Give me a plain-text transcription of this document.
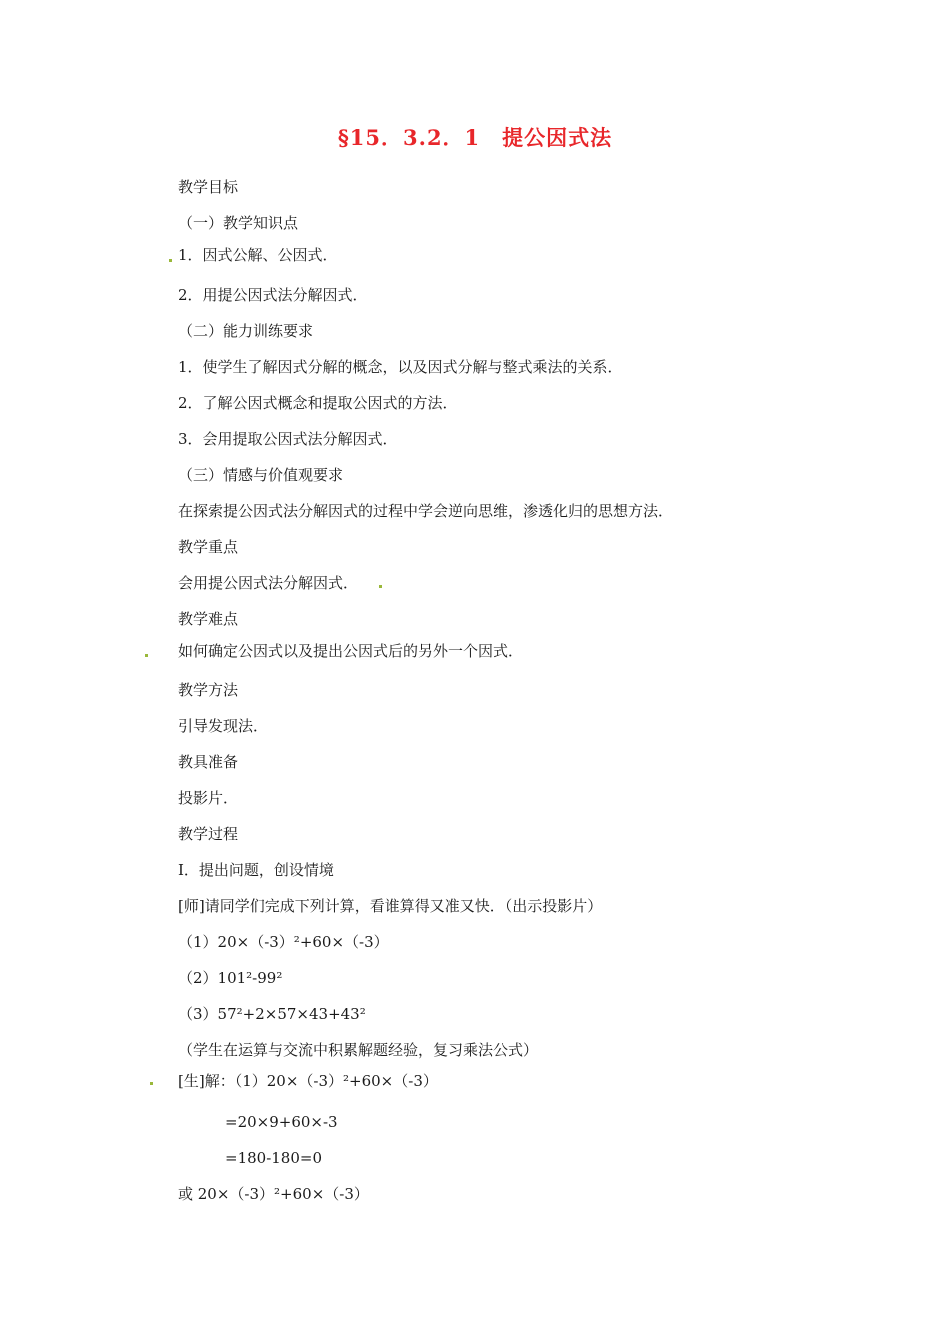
§15．3.2．1　提公因式法
教学目标
（一）教学知识点
1．因式公解、公因式．
2．用提公因式法分解因式．
（二）能力训练要求
1．使学生了解因式分解的概念，以及因式分解与整式乘法的关系．
2．了解公因式概念和提取公因式的方法．
3．会用提取公因式法分解因式．
（三）情感与价值观要求
在探索提公因式法分解因式的过程中学会逆向思维，渗透化归的思想方法．
教学重点
会用提公因式法分解因式．
教学难点
如何确定公因式以及提出公因式后的另外一个因式．
教学方法
引导发现法．
教具准备
投影片．
教学过程
Ⅰ．提出问题，创设情境
[师]请同学们完成下列计算，看谁算得又准又快．（出示投影片）
（1）20×（-3）²+60×（-3）
（2）101²-99²
（3）57²+2×57×43+43²
（学生在运算与交流中积累解题经验，复习乘法公式）
[生]解：（1）20×（-3）²+60×（-3）
=20×9+60×-3
=180-180=0
或 20×（-3）²+60×（-3）
